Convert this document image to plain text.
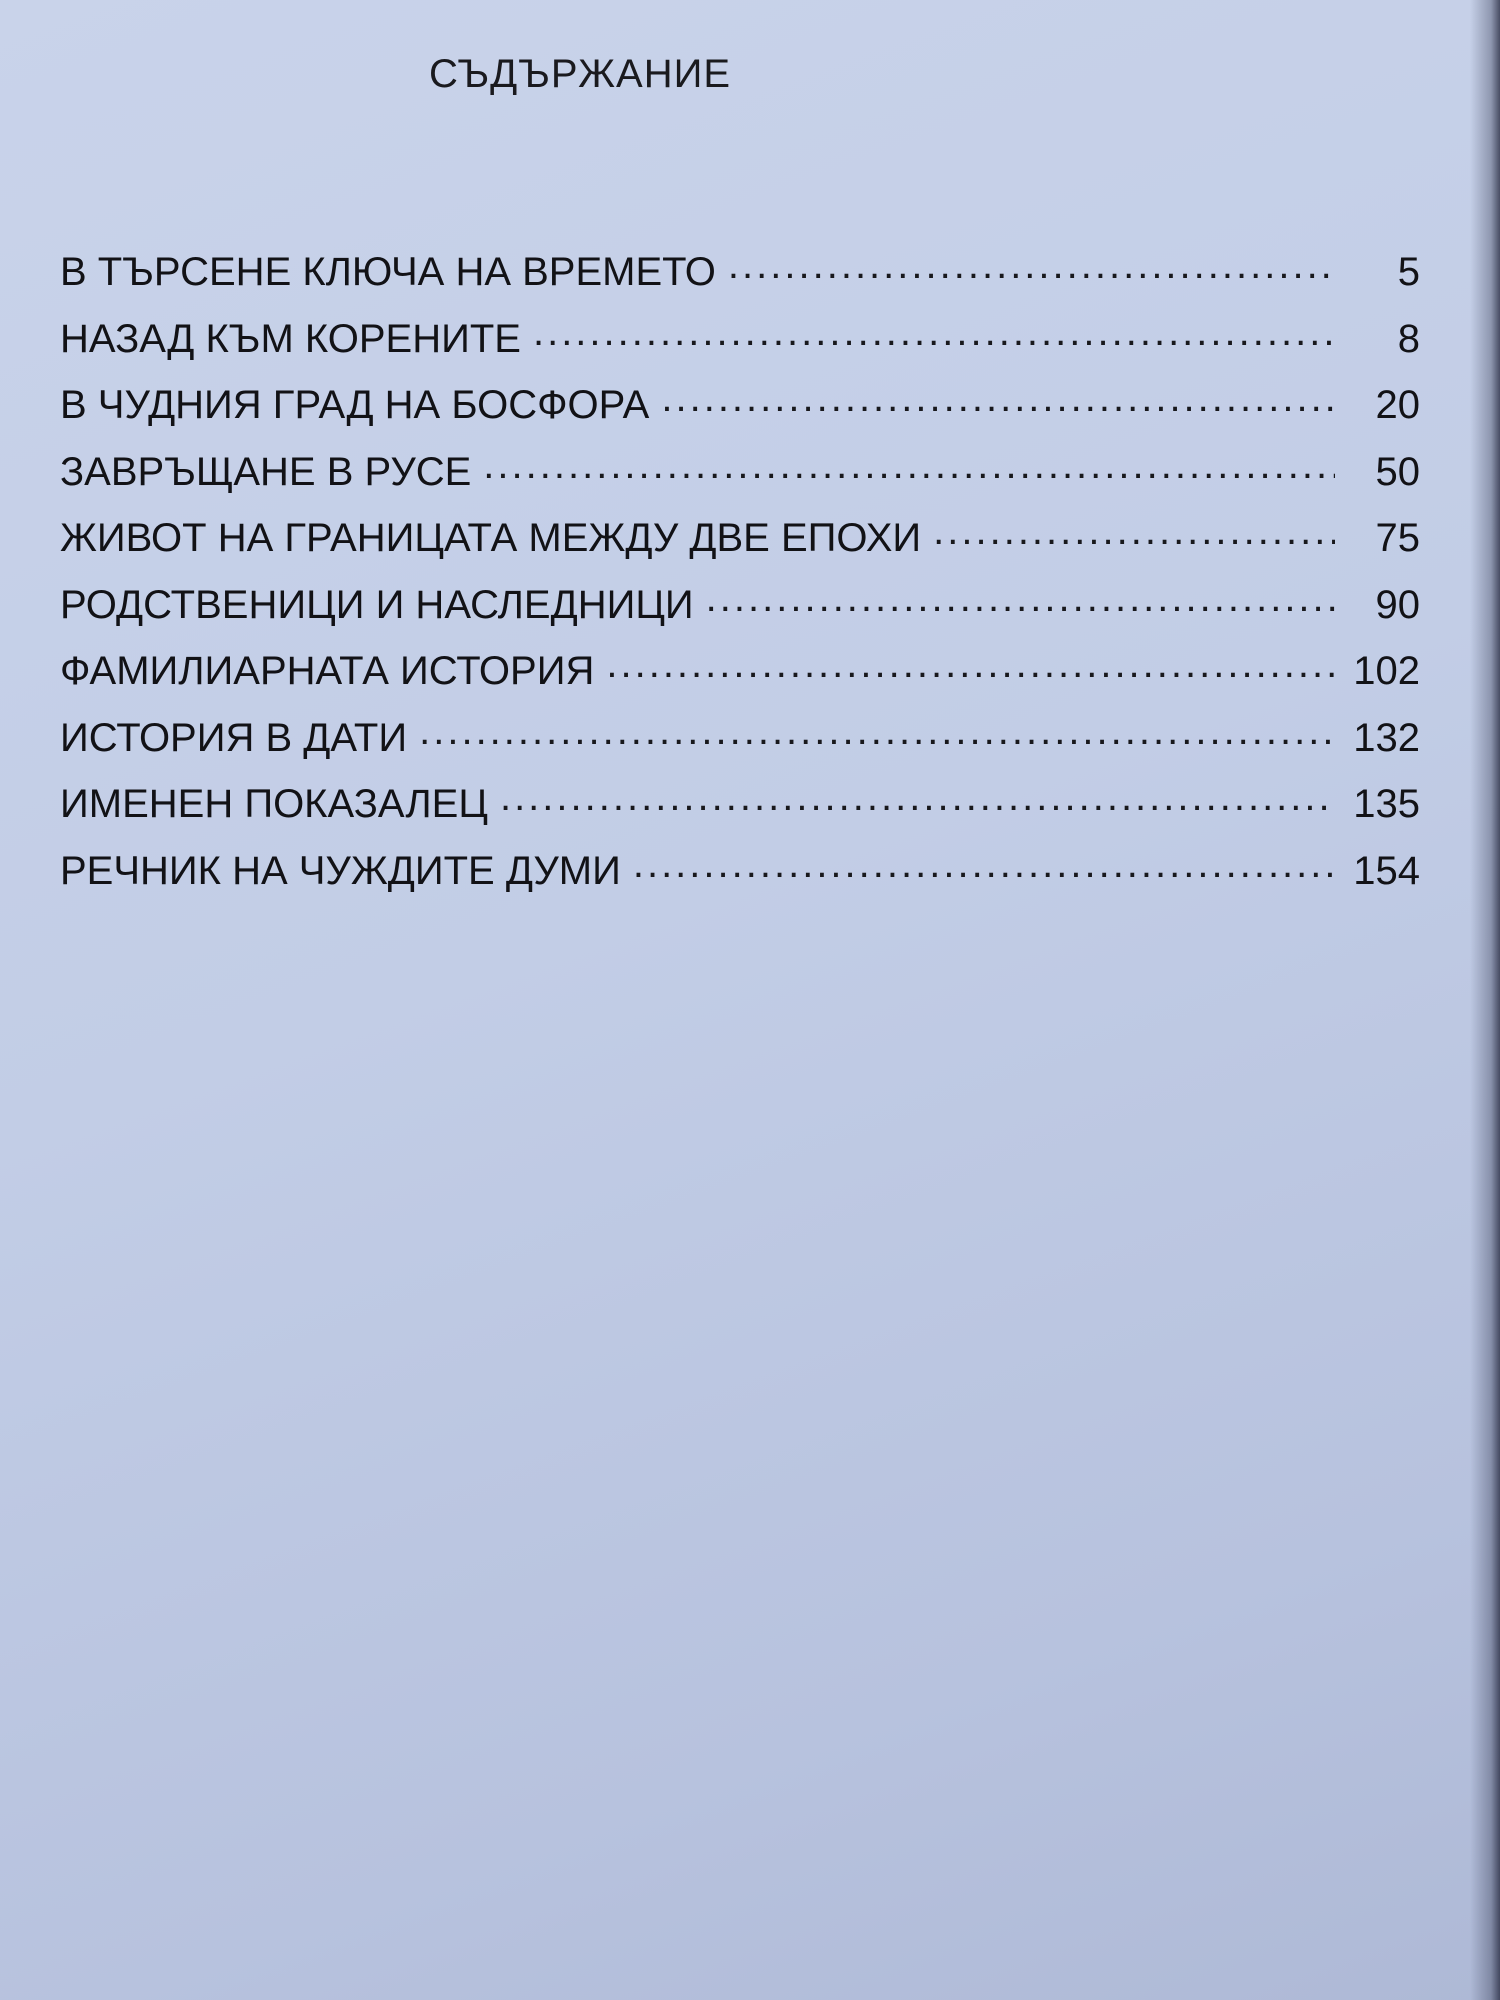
СЪДЪРЖАНИЕ
В ТЪРСЕНЕ КЛЮЧА НА ВРЕМЕТО .....	5
НАЗАД КЪМ КОРЕНИТЕ .....	8
В ЧУДНИЯ ГРАД НА БОСФОРА .....	20
ЗАВРЪЩАНЕ В РУСЕ .....	50
ЖИВОТ НА ГРАНИЦАТА МЕЖДУ ДВЕ ЕПОХИ .....	75
РОДСТВЕНИЦИ И НАСЛЕДНИЦИ .....	90
ФАМИЛИАРНАТА ИСТОРИЯ .....	102
ИСТОРИЯ В ДАТИ .....	132
ИМЕНЕН ПОКАЗАЛЕЦ .....	135
РЕЧНИК НА ЧУЖДИТЕ ДУМИ .....	154
